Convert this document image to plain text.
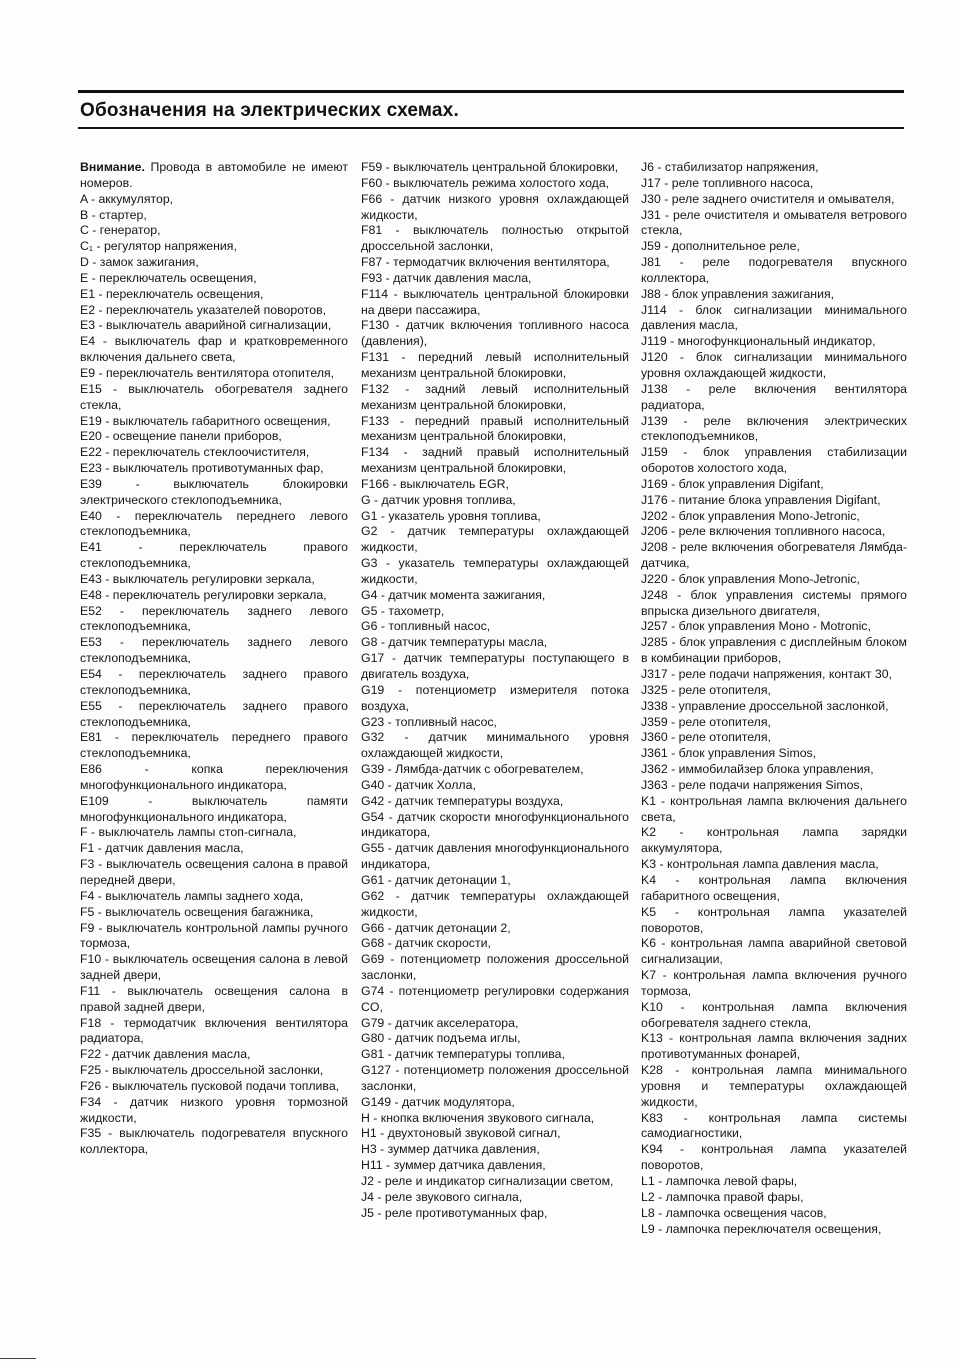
Обозначения на электрических схемах.

Внимание. Провода в автомобиле не имеют номеров.

A - аккумулятор,

B - стартер,

C - генератор,

C₁ - регулятор напряжения,

D - замок зажигания,

E - переключатель освещения,

E1 - переключатель освещения,

E2 - переключатель указателей поворотов,

E3 - выключатель аварийной сигнализации,

E4 - выключатель фар и кратковременного включения дальнего света,

E9 - переключатель вентилятора отопителя,

E15 - выключатель обогревателя заднего стекла,

E19 - выключатель габаритного освещения,

E20 - освещение панели приборов,

E22 - переключатель стеклоочистителя,

E23 - выключатель противотуманных фар,

E39 - выключатель блокировки электрического стеклоподъемника,

E40 - переключатель переднего левого стеклоподъемника,

E41 - переключатель правого стеклоподъемника,

E43 - выключатель регулировки зеркала,

E48 - переключатель регулировки зеркала,

E52 - переключатель заднего левого стеклоподъемника,

E53 - переключатель заднего левого стеклоподъемника,

E54 - переключатель заднего правого стеклоподъемника,

E55 - переключатель заднего правого стеклоподъемника,

E81 - переключатель переднего правого стеклоподъемника,

E86 - копка переключения многофункционального индикатора,

E109 - выключатель памяти многофункционального индикатора,

F - выключатель лампы стоп-сигнала,

F1 - датчик давления масла,

F3 - выключатель освещения салона в правой передней двери,

F4 - выключатель лампы заднего хода,

F5 - выключатель освещения багажника,

F9 - выключатель контрольной лампы ручного тормоза,

F10 - выключатель освещения салона в левой задней двери,

F11 - выключатель освещения салона в правой задней двери,

F18 - термодатчик включения вентилятора радиатора,

F22 - датчик давления масла,

F25 - выключатель дроссельной заслонки,

F26 - выключатель пусковой подачи топлива,

F34 - датчик низкого уровня тормозной жидкости,

F35 - выключатель подогревателя впускного коллектора,

F59 - выключатель центральной блокировки,

F60 - выключатель режима холостого хода,

F66 - датчик низкого уровня охлаждающей жидкости,

F81 - выключатель полностью открытой дроссельной заслонки,

F87 - термодатчик включения вентилятора,

F93 - датчик давления масла,

F114 - выключатель центральной блокировки на двери пассажира,

F130 - датчик включения топливного насоса (давления),

F131 - передний левый исполнительный механизм центральной блокировки,

F132 - задний левый исполнительный механизм центральной блокировки,

F133 - передний правый исполнительный механизм центральной блокировки,

F134 - задний правый исполнительный механизм центральной блокировки,

F166 - выключатель EGR,

G - датчик уровня топлива,

G1 - указатель уровня топлива,

G2 - датчик температуры охлаждающей жидкости,

G3 - указатель температуры охлаждающей жидкости,

G4 - датчик момента зажигания,

G5 - тахометр,

G6 - топливный насос,

G8 - датчик температуры масла,

G17 - датчик температуры поступающего в двигатель воздуха,

G19 - потенциометр измерителя потока воздуха,

G23 - топливный насос,

G32 - датчик минимального уровня охлаждающей жидкости,

G39 - Лямбда-датчик с обогревателем,

G40 - датчик Холла,

G42 - датчик температуры воздуха,

G54 - датчик скорости многофункционального индикатора,

G55 - датчик давления многофункционального индикатора,

G61 - датчик детонации 1,

G62 - датчик температуры охлаждающей жидкости,

G66 - датчик детонации 2,

G68 - датчик скорости,

G69 - потенциометр положения дроссельной заслонки,

G74 - потенциометр регулировки содержания CO,

G79 - датчик акселератора,

G80 - датчик подъема иглы,

G81 - датчик температуры топлива,

G127 - потенциометр положения дроссельной заслонки,

G149 - датчик модулятора,

H - кнопка включения звукового сигнала,

H1 - двухтоновый звуковой сигнал,

H3 - зуммер датчика давления,

H11 - зуммер датчика давления,

J2 - реле и индикатор сигнализации светом,

J4 - реле звукового сигнала,

J5 - реле противотуманных фар,

J6 - стабилизатор напряжения,

J17 - реле топливного насоса,

J30 - реле заднего очистителя и омывателя,

J31 - реле очистителя и омывателя ветрового стекла,

J59 - дополнительное реле,

J81 - реле подогревателя впускного коллектора,

J88 - блок управления зажигания,

J114 - блок сигнализации минимального давления масла,

J119 - многофункциональный индикатор,

J120 - блок сигнализации минимального уровня охлаждающей жидкости,

J138 - реле включения вентилятора радиатора,

J139 - реле включения электрических стеклоподъемников,

J159 - блок управления стабилизации оборотов холостого хода,

J169 - блок управления Digifant,

J176 - питание блока управления Digifant,

J202 - блок управления Mono-Jetronic,

J206 - реле включения топливного насоса,

J208 - реле включения обогревателя Лямбда-датчика,

J220 - блок управления Mono-Jetronic,

J248 - блок управления системы прямого впрыска дизельного двигателя,

J257 - блок управления Моно - Motronic,

J285 - блок управления с дисплейным блоком в комбинации приборов,

J317 - реле подачи напряжения, контакт 30,

J325 - реле отопителя,

J338 - управление дроссельной заслонкой,

J359 - реле отопителя,

J360 - реле отопителя,

J361 - блок управления Simos,

J362 - иммобилайзер блока управления,

J363 - реле подачи напряжения Simos,

K1 - контрольная лампа включения дальнего света,

K2 - контрольная лампа зарядки аккумулятора,

K3 - контрольная лампа давления масла,

K4 - контрольная лампа включения габаритного освещения,

K5 - контрольная лампа указателей поворотов,

K6 - контрольная лампа аварийной световой сигнализации,

K7 - контрольная лампа включения ручного тормоза,

K10 - контрольная лампа включения обогревателя заднего стекла,

K13 - контрольная лампа включения задних противотуманных фонарей,

K28 - контрольная лампа минимального уровня и температуры охлаждающей жидкости,

K83 - контрольная лампа системы самодиагностики,

K94 - контрольная лампа указателей поворотов,

L1 - лампочка левой фары,

L2 - лампочка правой фары,

L8 - лампочка освещения часов,

L9 - лампочка переключателя освещения,
